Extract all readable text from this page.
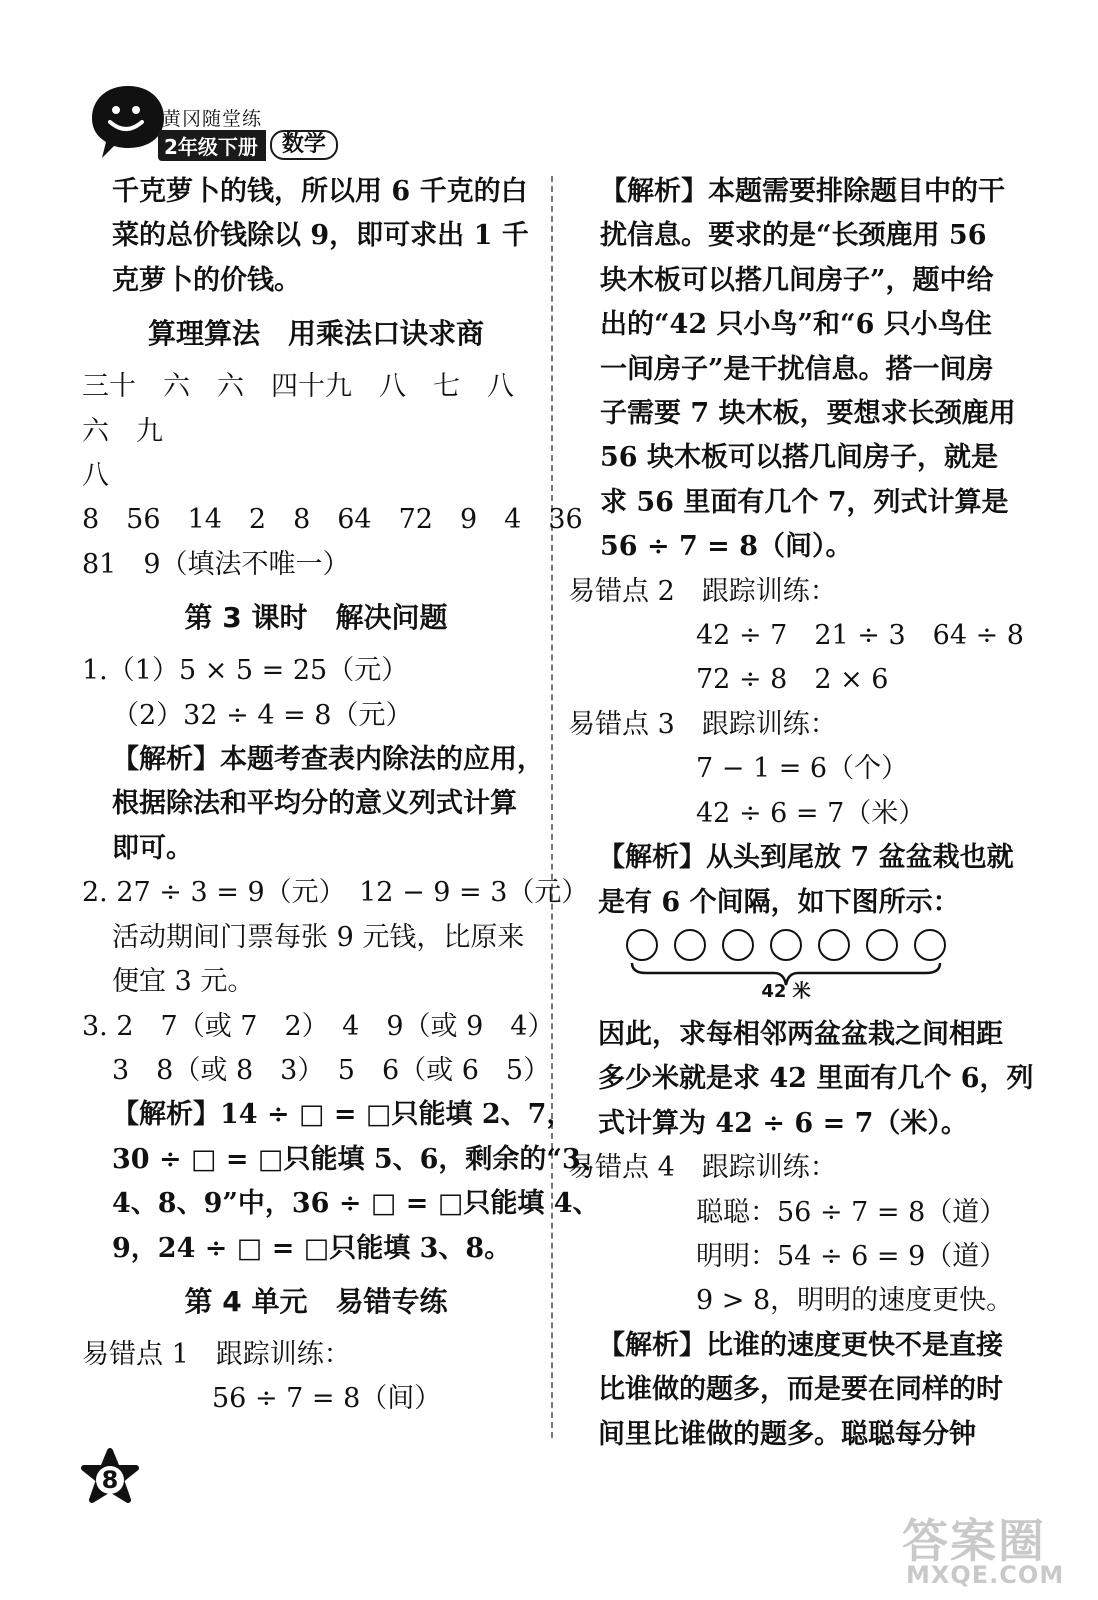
黄冈随堂练
2年级下册	数学
千克萝卜的钱，所以用 6 千克的白
菜的总价钱除以 9，即可求出 1 千
克萝卜的价钱。
算理算法　用乘法口诀求商
三十　六　六　四十九　八　七　八
六　九
八
8　56　14　2　8　64　72　9　4　36
81　9（填法不唯一）
第 3 课时　解决问题
1.（1）5 × 5 = 25（元）
（2）32 ÷ 4 = 8（元）
【解析】本题考查表内除法的应用，
根据除法和平均分的意义列式计算
即可。
2. 27 ÷ 3 = 9（元）　12 − 9 = 3（元）
活动期间门票每张 9 元钱，比原来
便宜 3 元。
3. 2　7（或 7　2）　4　9（或 9　4）
3　8（或 8　3）　5　6（或 6　5）
【解析】14 ÷ □ = □只能填 2、7，
30 ÷ □ = □只能填 5、6，剩余的“3、
4、8、9”中，36 ÷ □ = □只能填 4、
9，24 ÷ □ = □只能填 3、8。
第 4 单元　易错专练
易错点 1　跟踪训练：
56 ÷ 7 = 8（间）
【解析】本题需要排除题目中的干
扰信息。要求的是“长颈鹿用 56
块木板可以搭几间房子”，题中给
出的“42 只小鸟”和“6 只小鸟住
一间房子”是干扰信息。搭一间房
子需要 7 块木板，要想求长颈鹿用
56 块木板可以搭几间房子，就是
求 56 里面有几个 7，列式计算是
56 ÷ 7 = 8（间）。
易错点 2　跟踪训练：
42 ÷ 7　21 ÷ 3　64 ÷ 8
72 ÷ 8　2 × 6
易错点 3　跟踪训练：
7 − 1 = 6（个）
42 ÷ 6 = 7（米）
【解析】从头到尾放 7 盆盆栽也就
是有 6 个间隔，如下图所示：
42 米
因此，求每相邻两盆盆栽之间相距
多少米就是求 42 里面有几个 6，列
式计算为 42 ÷ 6 = 7（米）。
易错点 4　跟踪训练：
聪聪：56 ÷ 7 = 8（道）
明明：54 ÷ 6 = 9（道）
9 > 8，明明的速度更快。
【解析】比谁的速度更快不是直接
比谁做的题多，而是要在同样的时
间里比谁做的题多。聪聪每分钟
8
答案圈
MXQE.COM
